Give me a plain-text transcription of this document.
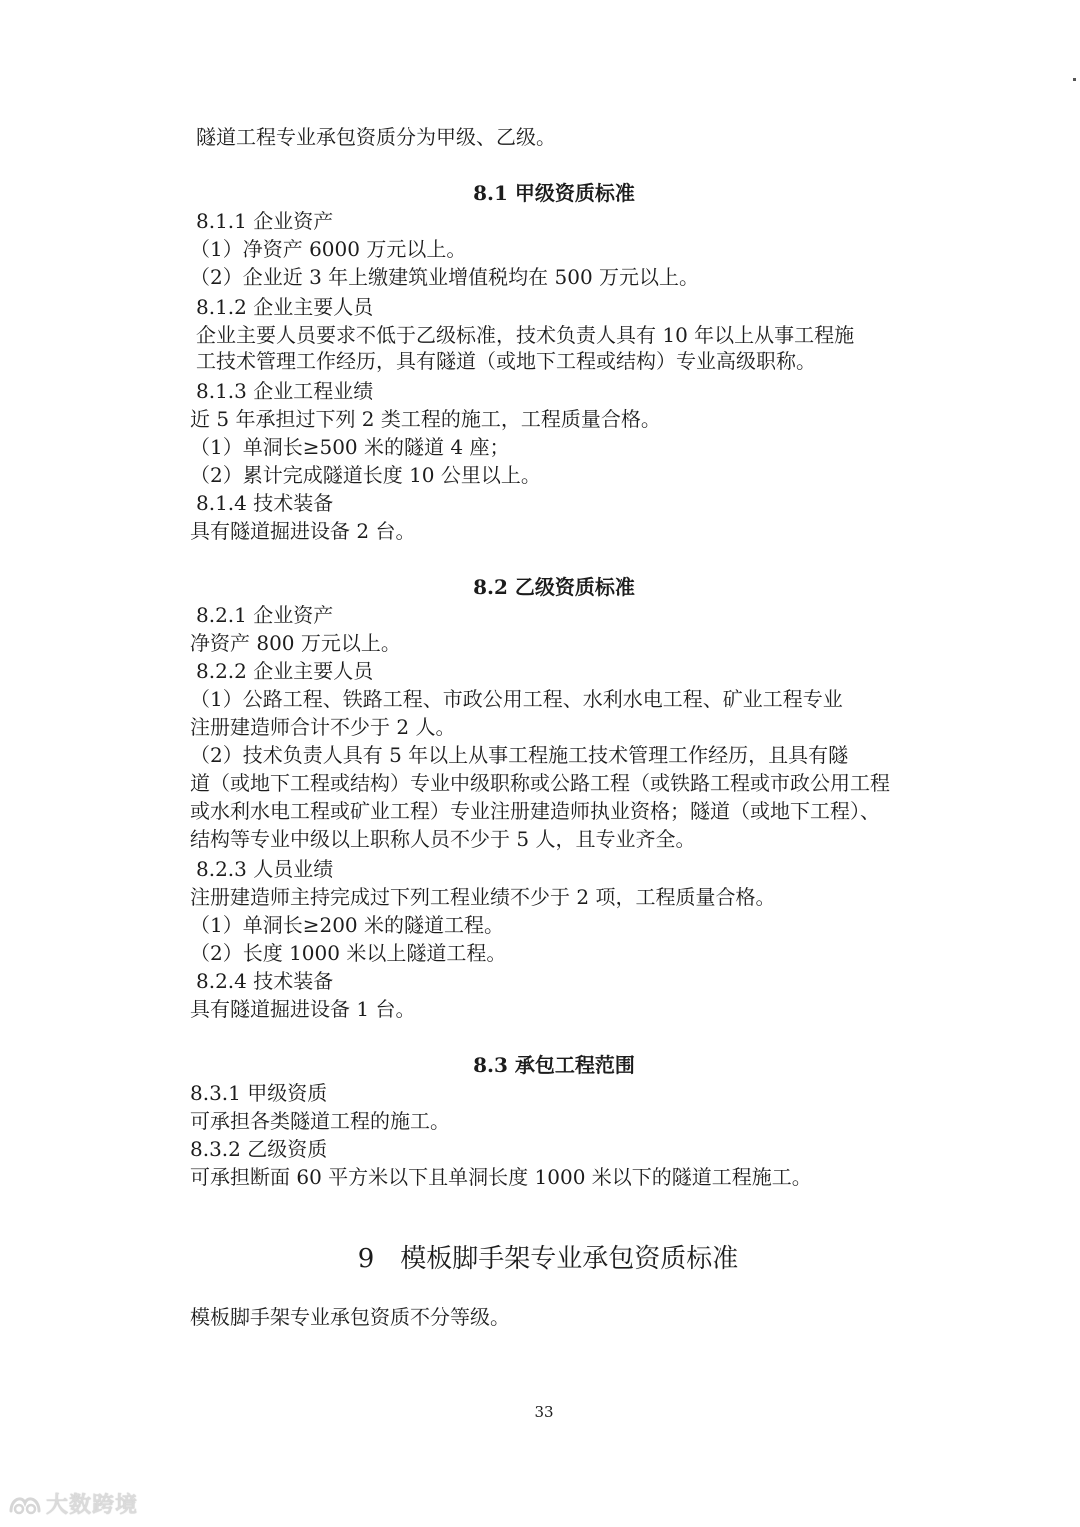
隧道工程专业承包资质分为甲级、乙级。
8.1 甲级资质标准
8.1.1 企业资产
（1）净资产 6000 万元以上。
（2）企业近 3 年上缴建筑业增值税均在 500 万元以上。
8.1.2 企业主要人员
企业主要人员要求不低于乙级标准，技术负责人具有 10 年以上从事工程施
工技术管理工作经历，具有隧道（或地下工程或结构）专业高级职称。
8.1.3 企业工程业绩
近 5 年承担过下列 2 类工程的施工，工程质量合格。
（1）单洞长≥500 米的隧道 4 座；
（2）累计完成隧道长度 10 公里以上。
8.1.4 技术装备
具有隧道掘进设备 2 台。
8.2 乙级资质标准
8.2.1 企业资产
净资产 800 万元以上。
8.2.2 企业主要人员
（1）公路工程、铁路工程、市政公用工程、水利水电工程、矿业工程专业
注册建造师合计不少于 2 人。
（2）技术负责人具有 5 年以上从事工程施工技术管理工作经历，且具有隧
道（或地下工程或结构）专业中级职称或公路工程（或铁路工程或市政公用工程
或水利水电工程或矿业工程）专业注册建造师执业资格；隧道（或地下工程）、
结构等专业中级以上职称人员不少于 5 人，且专业齐全。
8.2.3 人员业绩
注册建造师主持完成过下列工程业绩不少于 2 项，工程质量合格。
（1）单洞长≥200 米的隧道工程。
（2）长度 1000 米以上隧道工程。
8.2.4 技术装备
具有隧道掘进设备 1 台。
8.3 承包工程范围
8.3.1 甲级资质
可承担各类隧道工程的施工。
8.3.2 乙级资质
可承担断面 60 平方米以下且单洞长度 1000 米以下的隧道工程施工。
9　模板脚手架专业承包资质标准
模板脚手架专业承包资质不分等级。
33
大数跨境
